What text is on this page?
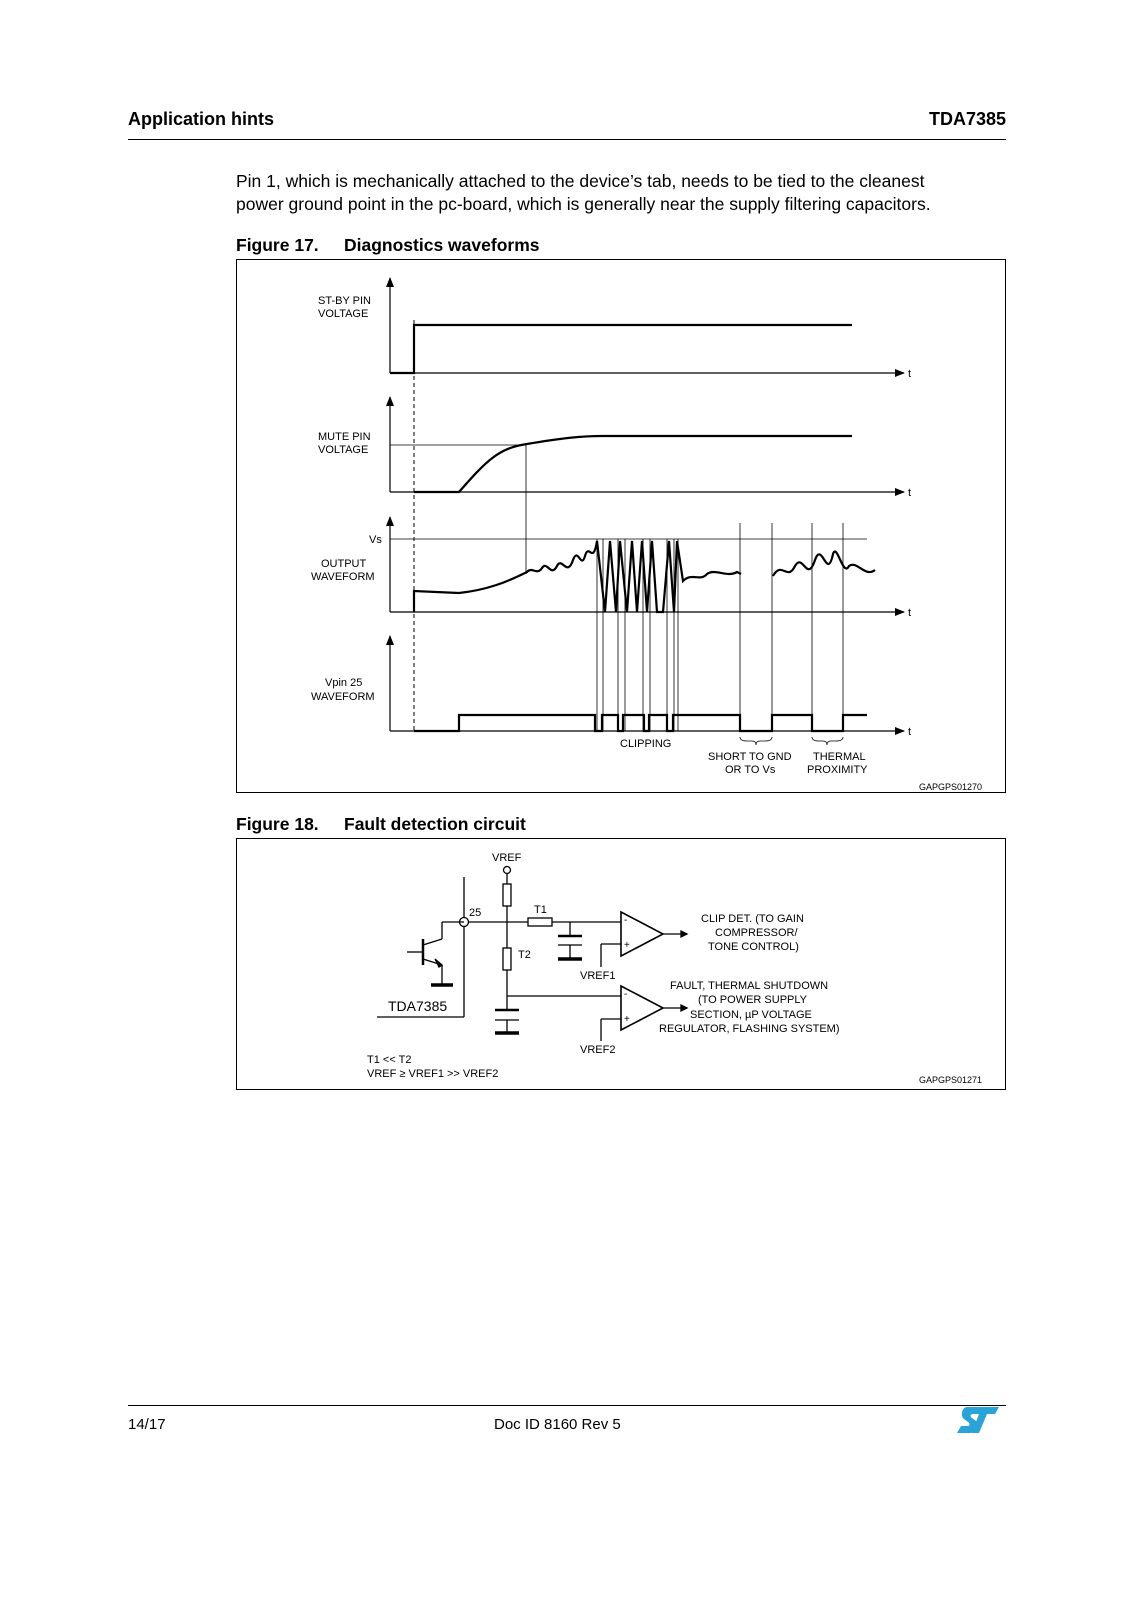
Application hints	TDA7385

Pin 1, which is mechanically attached to the device’s tab, needs to be tied to the cleanest

power ground point in the pc-board, which is generally near the supply filtering capacitors.

Figure 17. Diagnostics waveforms
ST-BY PIN
VOLTAGE
MUTE PIN
VOLTAGE
Vs
OUTPUT
WAVEFORM
Vpin 25
WAVEFORM
t
t
t
t
CLIPPING
SHORT TO GND
OR TO Vs
THERMAL
PROXIMITY
GAPGPS01270
Figure 18. Fault detection circuit
VREF
25	T1
T2
VREF1
VREF2
-
+
-
+
TDA7385
CLIP DET. (TO GAIN
COMPRESSOR/
TONE CONTROL)
FAULT, THERMAL SHUTDOWN
(TO POWER SUPPLY
SECTION, µP VOLTAGE
REGULATOR, FLASHING SYSTEM)
T1 << T2
VREF ≥ VREF1 >> VREF2	GAPGPS01271
14/17	Doc ID 8160 Rev 5
